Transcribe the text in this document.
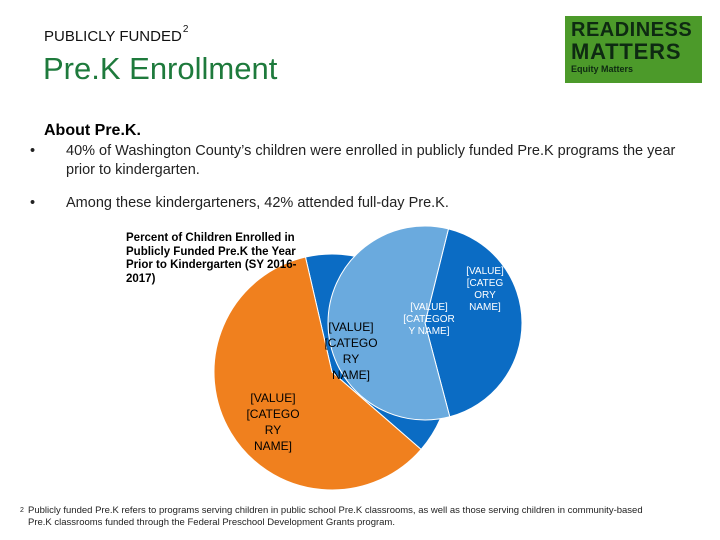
PUBLICLY FUNDED$^2$
Pre.K Enrollment
READINESS
MATTERS
Equity Matters
About Pre.K.
• 40% of Washington County’s children were enrolled in publicly funded Pre.K programs the year prior to kindergarten.
• Among these kindergarteners, 42% attended full-day Pre.K.
[VALUE] [CATEGO RY NAME]
[VALUE] [CATEGO RY NAME]
[VALUE] [CATEG ORY NAME]
[VALUE] [CATEGOR Y NAME]
Percent of Children Enrolled in Publicly Funded Pre.K the Year Prior to Kindergarten (SY 2016-2017)
2 Publicly funded Pre.K refers to programs serving children in public school Pre.K classrooms, as well as those serving children in community-based Pre.K classrooms funded through the Federal Preschool Development Grants program.
